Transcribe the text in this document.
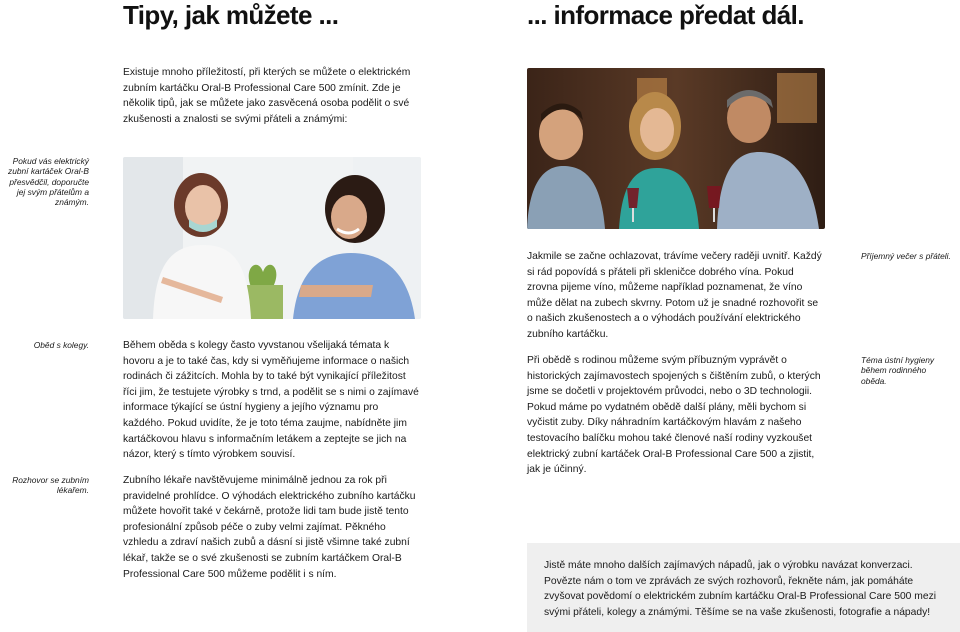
Tipy, jak můžete ...	... informace předat dál.
Existuje mnoho příležitostí, při kterých se můžete o elektrickém zubním kartáčku Oral-B Professional Care 500 zmínit. Zde je několik tipů, jak se můžete jako zasvěcená osoba podělit o své zkušenosti a znalosti se svými přáteli a známými:
Pokud vás elektrický zubní kartáček Oral-B přesvědčil, doporučte jej svým přátelům a známým.
Oběd s kolegy.
Rozhovor se zubním lékařem.
Během oběda s kolegy často vyvstanou všelijaká témata k hovoru a je to také čas, kdy si vyměňujeme informace o našich rodinách či zážitcích. Mohla by to také být vynikající příležitost říci jim, že testujete výrobky s trnd, a podělit se s nimi o zajímavé informace týkající se ústní hygieny a jejího významu pro každého. Pokud uvidíte, že je toto téma zaujme, nabídněte jim kartáčkovou hlavu s informačním letákem a zeptejte se jich na názor, který s tímto výrobkem souvisí.
Zubního lékaře navštěvujeme minimálně jednou za rok při pravidelné prohlídce. O výhodách elektrického zubního kartáčku můžete hovořit také v čekárně, protože lidi tam bude jistě tento profesionální způsob péče o zuby velmi zajímat. Pěkného vzhledu a zdraví našich zubů a dásní si jistě všimne také zubní lékař, takže se o své zkušenosti se zubním kartáčkem Oral-B Professional Care 500 můžeme podělit i s ním.
Jakmile se začne ochlazovat, trávíme večery raději uvnitř. Každý si rád popovídá s přáteli při skleničce dobrého vína. Pokud zrovna pijeme víno, můžeme například poznamenat, že víno může dělat na zubech skvrny. Potom už je snadné rozhovořit se o našich zkušenostech a o výhodách používání elektrického zubního kartáčku.
Při obědě s rodinou můžeme svým příbuzným vyprávět o historických zajímavostech spojených s čištěním zubů, o kterých jsme se dočetli v projektovém průvodci, nebo o 3D technologii. Pokud máme po vydatném obědě další plány, měli bychom si vyčistit zuby. Díky náhradním kartáčkovým hlavám z našeho testovacího balíčku mohou také členové naší rodiny vyzkoušet elektrický zubní kartáček Oral-B Professional Care 500 a zjistit, jak je účinný.
Příjemný večer s přáteli.
Téma ústní hygieny během rodinného oběda.
Jistě máte mnoho dalších zajímavých nápadů, jak o výrobku navázat konverzaci. Povězte nám o tom ve zprávách ze svých rozhovorů, řekněte nám, jak pomáháte zvyšovat povědomí o elektrickém zubním kartáčku Oral-B Professional Care 500 mezi svými přáteli, kolegy a známými. Těšíme se na vaše zkušenosti, fotografie a nápady!
